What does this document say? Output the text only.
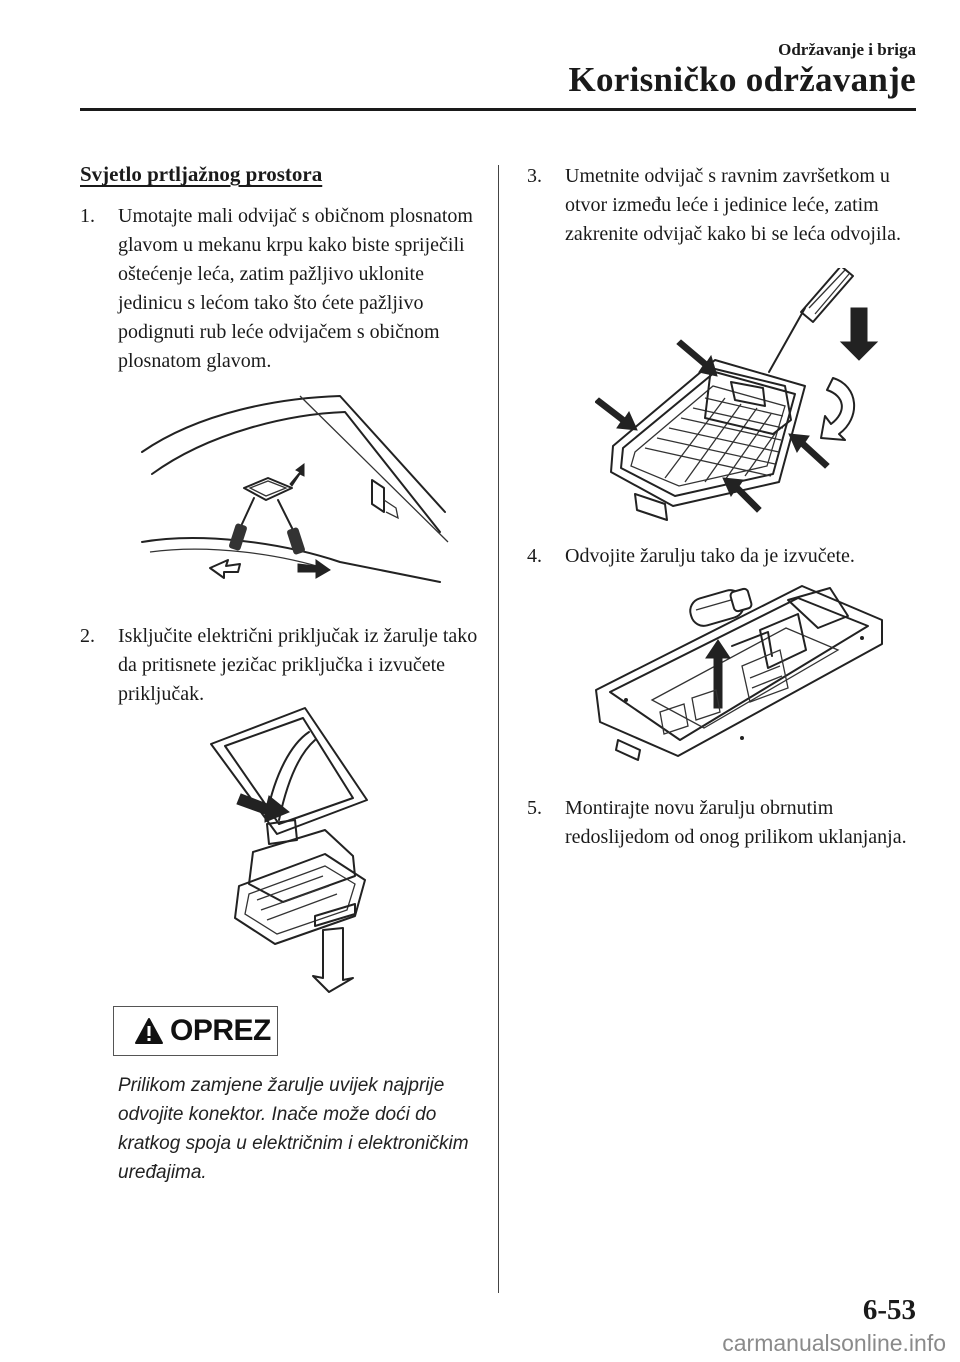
Održavanje i briga
Korisničko održavanje
Svjetlo prtljažnog prostora
1. Umotajte mali odvijač s običnom plosnatom glavom u mekanu krpu kako biste spriječili oštećenje leća, zatim pažljivo uklonite jedinicu s lećom tako što ćete pažljivo podignuti rub leće odvijačem s običnom plosnatom glavom.
2. Isključite električni priključak iz žarulje tako da pritisnete jezičac priključka i izvučete priključak.
OPREZ
Prilikom zamjene žarulje uvijek najprije odvojite konektor. Inače može doći do kratkog spoja u električnim i elektroničkim uređajima.
3. Umetnite odvijač s ravnim završetkom u otvor između leće i jedinice leće, zatim zakrenite odvijač kako bi se leća odvojila.
4. Odvojite žarulju tako da je izvučete.
5. Montirajte novu žarulju obrnutim redoslijedom od onog prilikom uklanjanja.
6-53
carmanualsonline.info
